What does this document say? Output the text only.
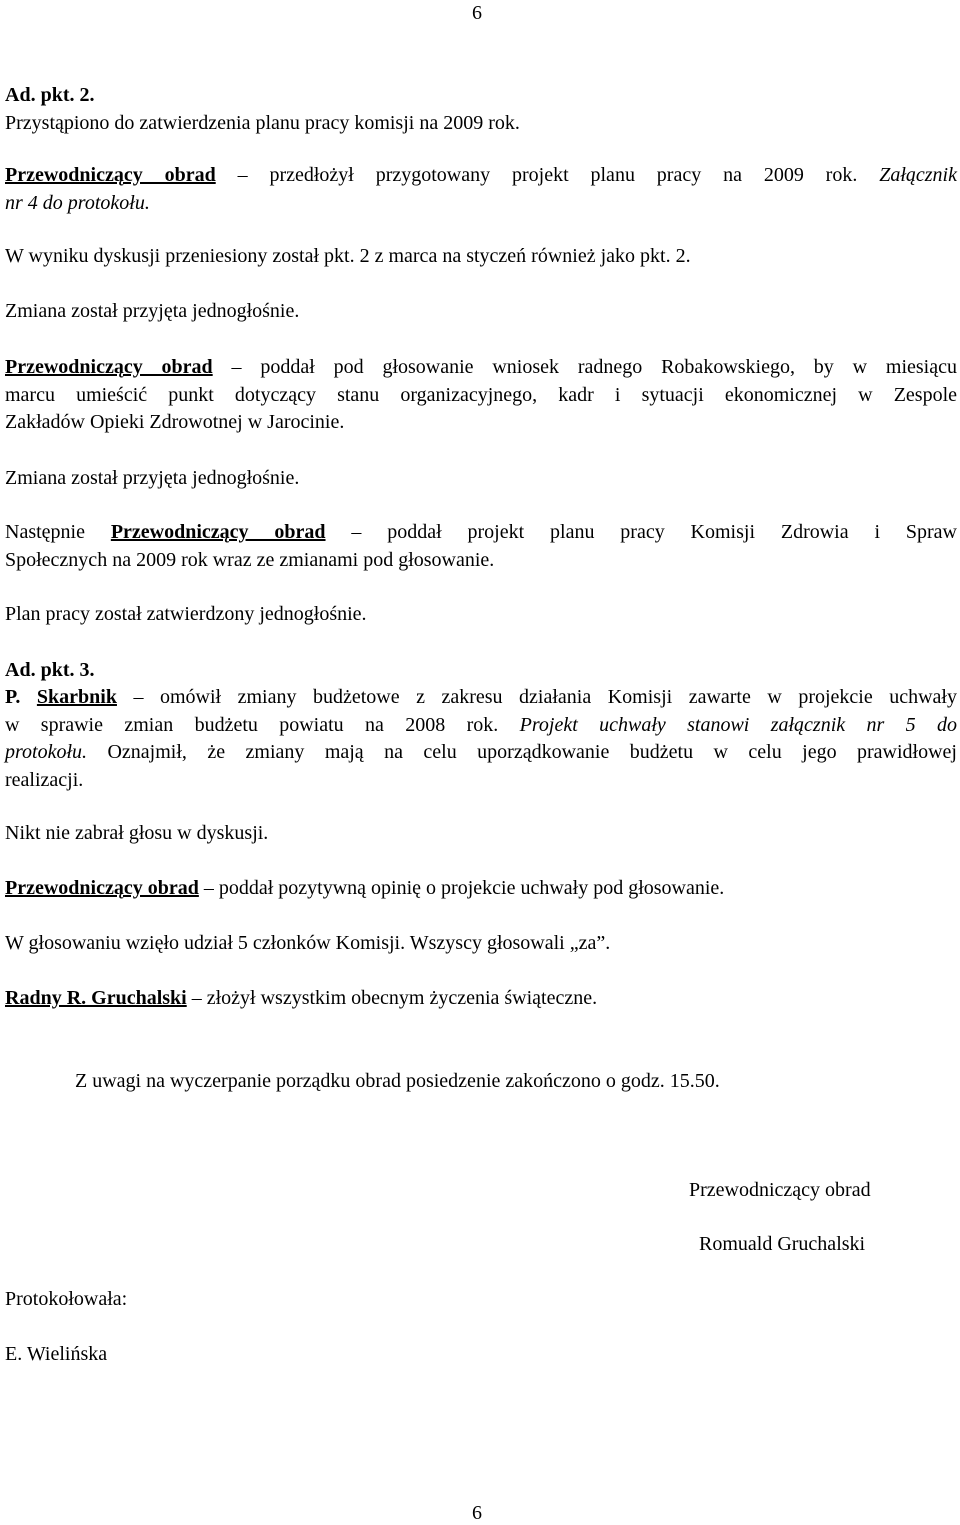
6
Ad. pkt. 2.
Przystąpiono do zatwierdzenia planu pracy komisji na 2009 rok.
Przewodniczący obrad – przedłożył przygotowany projekt planu pracy na 2009 rok. Załącznik
nr 4 do protokołu.
W wyniku dyskusji przeniesiony został pkt. 2 z marca na styczeń również jako pkt. 2.
Zmiana został przyjęta jednogłośnie.
Przewodniczący obrad – poddał pod głosowanie wniosek radnego Robakowskiego, by w miesiącu
marcu umieścić punkt dotyczący stanu organizacyjnego, kadr i sytuacji ekonomicznej w Zespole
Zakładów Opieki Zdrowotnej w Jarocinie.
Zmiana został przyjęta jednogłośnie.
Następnie Przewodniczący obrad – poddał projekt planu pracy Komisji Zdrowia i Spraw
Społecznych na 2009 rok wraz ze zmianami pod głosowanie.
Plan pracy został zatwierdzony jednogłośnie.
Ad. pkt. 3.
P. Skarbnik – omówił zmiany budżetowe z zakresu działania Komisji zawarte w projekcie uchwały
w sprawie zmian budżetu powiatu na 2008 rok. Projekt uchwały stanowi załącznik nr 5 do
protokołu. Oznajmił, że zmiany mają na celu uporządkowanie budżetu w celu jego prawidłowej
realizacji.
Nikt nie zabrał głosu w dyskusji.
Przewodniczący obrad – poddał pozytywną opinię o projekcie uchwały pod głosowanie.
W głosowaniu wzięło udział 5 członków Komisji. Wszyscy głosowali „za”.
Radny R. Gruchalski – złożył wszystkim obecnym życzenia świąteczne.
Z uwagi na wyczerpanie porządku obrad posiedzenie zakończono o godz. 15.50.
Przewodniczący obrad
Romuald Gruchalski
Protokołowała:
E. Wielińska
6
